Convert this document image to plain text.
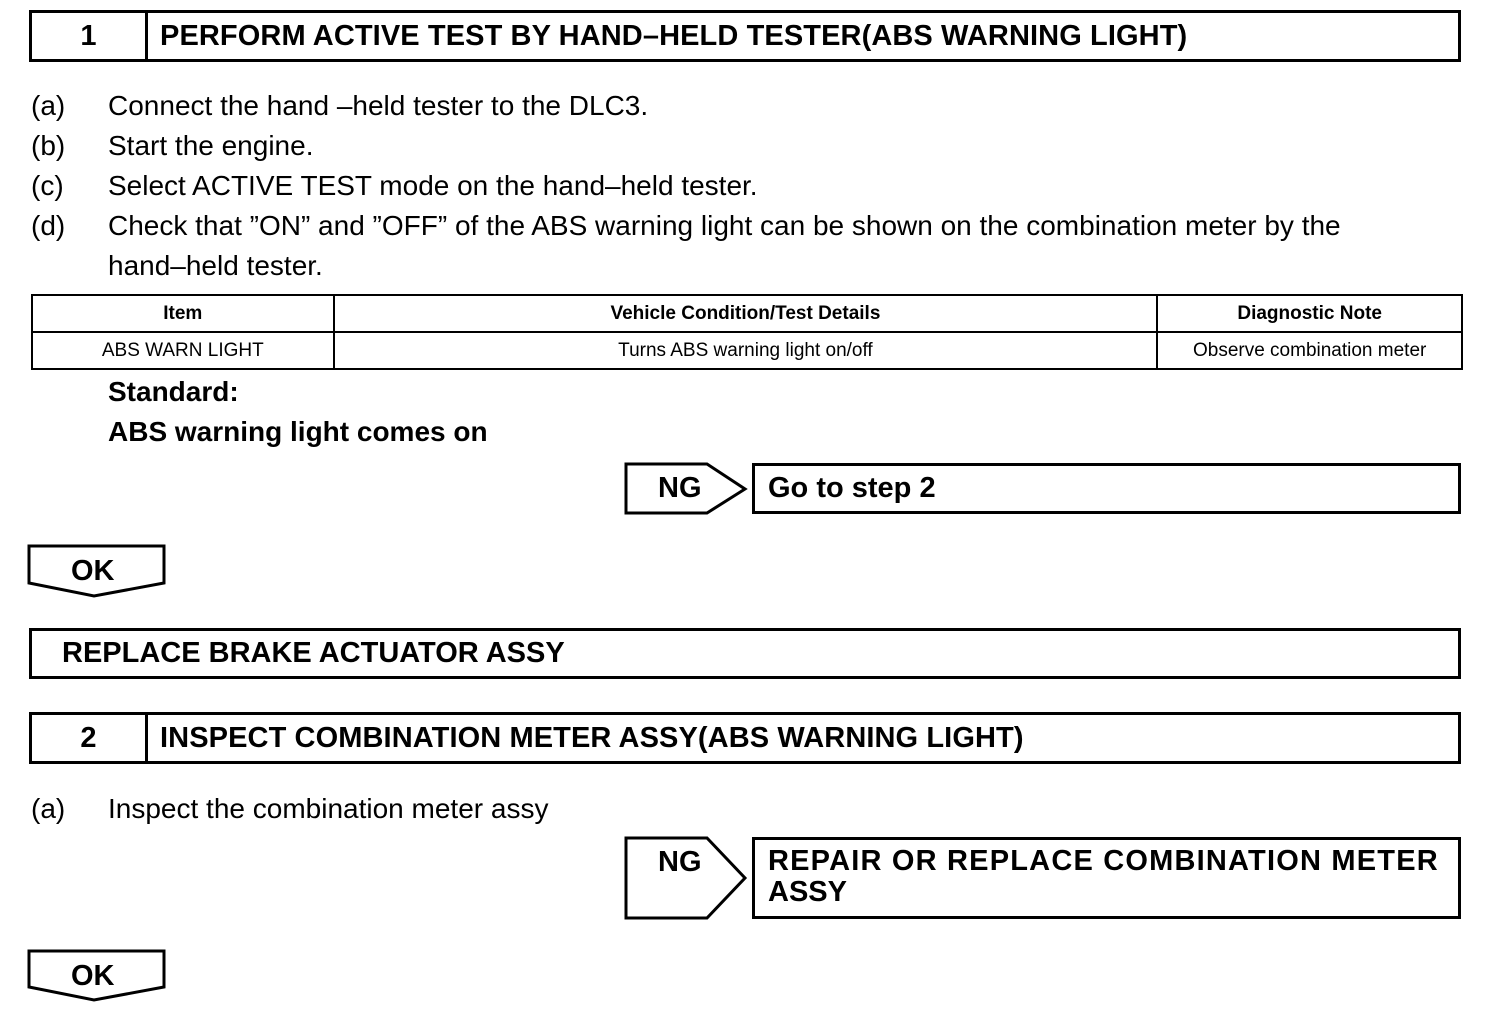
1	PERFORM ACTIVE TEST BY HAND–HELD TESTER(ABS WARNING LIGHT)
(a) Connect the hand –held tester to the DLC3.
(b) Start the engine.
(c) Select ACTIVE TEST mode on the hand–held tester.
(d) Check that ”ON” and ”OFF” of the ABS warning light can be shown on the combination meter by the
hand–held tester.
Item	Vehicle Condition/Test Details	Diagnostic Note
ABS WARN LIGHT	Turns ABS warning light on/off	Observe combination meter
Standard:
ABS warning light comes on
NG	Go to step 2
OK
REPLACE BRAKE ACTUATOR ASSY
2	INSPECT COMBINATION METER ASSY(ABS WARNING LIGHT)
(a) Inspect the combination meter assy
NG REPAIR OR REPLACE COMBINATION METER
ASSY
OK
